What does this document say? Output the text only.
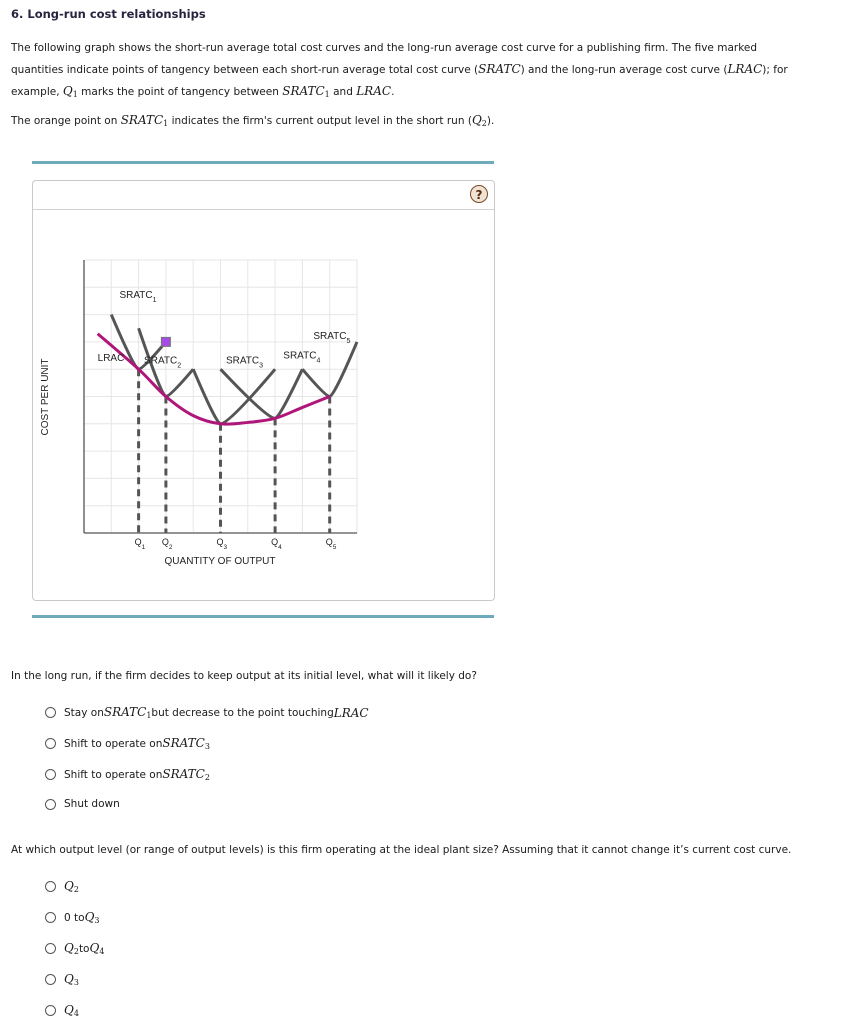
6. Long-run cost relationships
The following graph shows the short-run average total cost curves and the long-run average cost curve for a publishing firm. The five marked
quantities indicate points of tangency between each short-run average total cost curve (SRATC) and the long-run average cost curve (LRAC); for
example, $Q_1$ marks the point of tangency between $SRATC_1$ and LRAC.
The orange point on $SRATC_1$ indicates the firm's current output level in the short run $(Q_2)$.
?
$SRATC_1$
$SRATC_2$	$SRATC_3$
$SRATC_4$
$SRATC_5$
LRAC
$Q_1$
$Q_2$
$Q_3$
$Q_4$
$Q_5$
QUANTITY OF OUTPUT
COST PER UNIT
In the long run, if the firm decides to keep output at its initial level, what will it likely do?
Stay on $SRATC_1$ but decrease to the point touching LRAC
Shift to operate on $SRATC_3$
Shift to operate on $SRATC_2$
Shut down
At which output level (or range of output levels) is this firm operating at the ideal plant size? Assuming that it cannot change it’s current cost curve.
$Q_2$
0 to $Q_3$
$Q_2$ to $Q_4$
$Q_3$
$Q_4$
